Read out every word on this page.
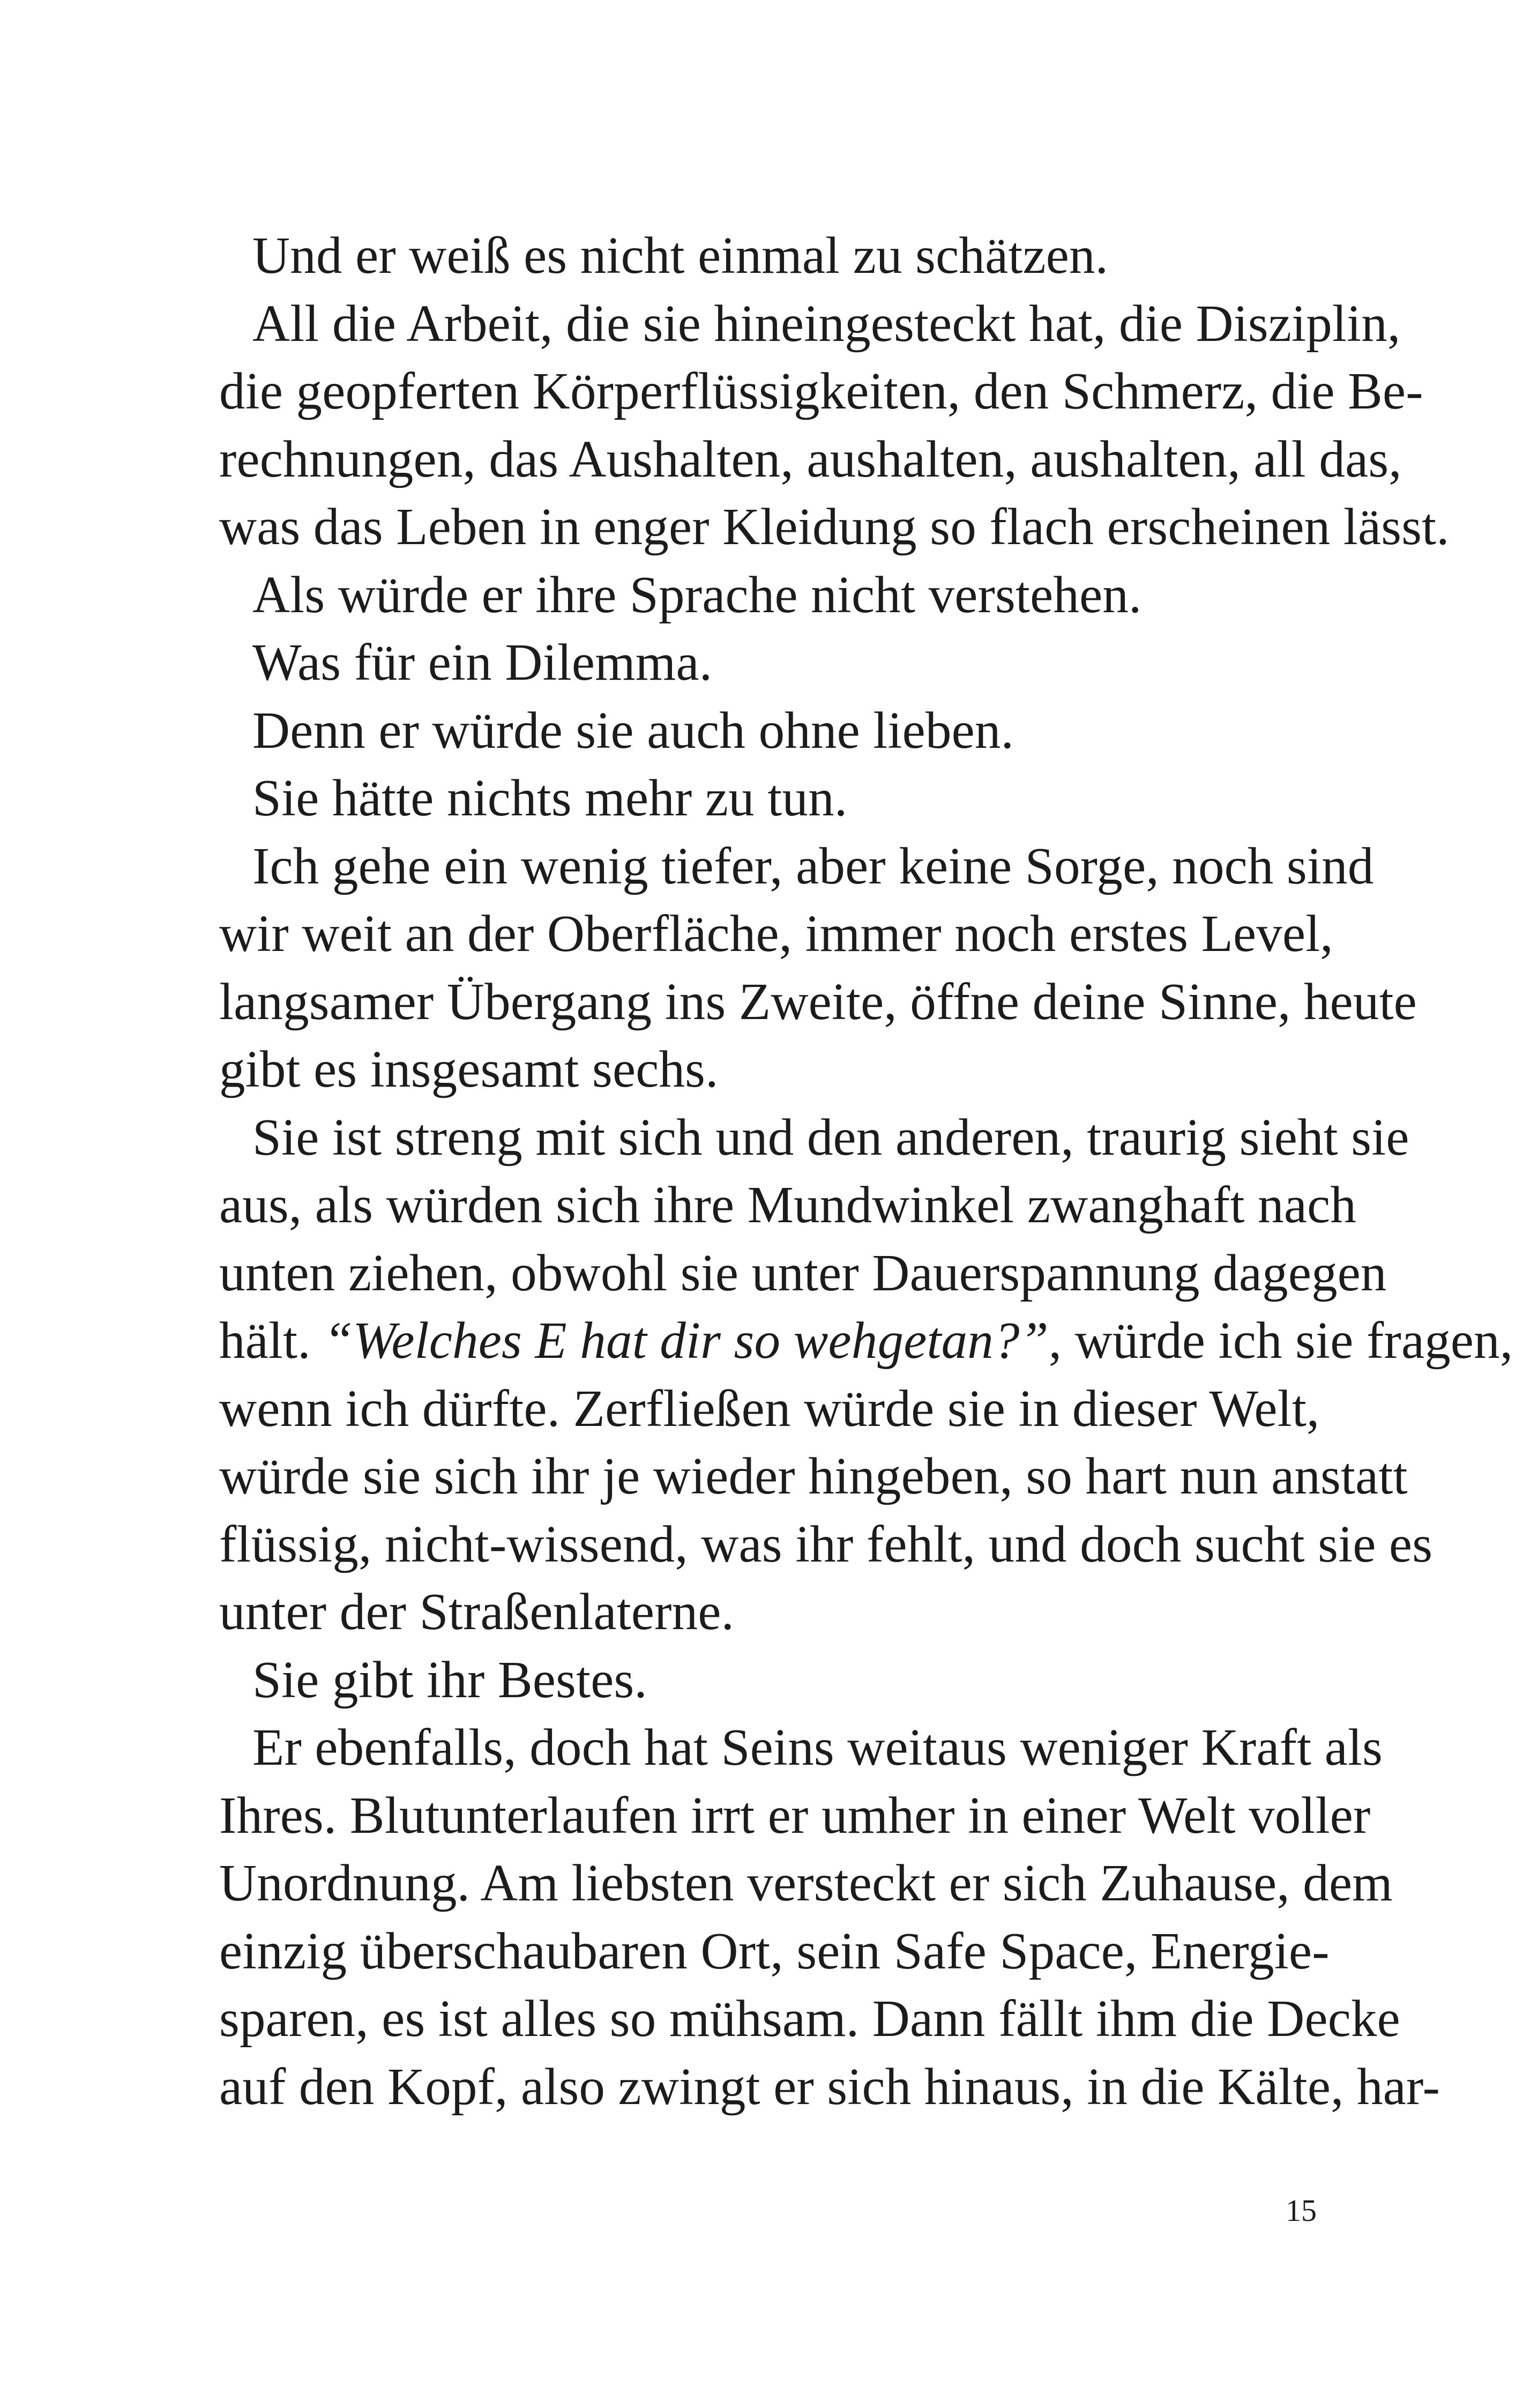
Und er weiß es nicht einmal zu schätzen.

All die Arbeit, die sie hineingesteckt hat, die Disziplin,
die geopferten Körperflüssigkeiten, den Schmerz, die Be-
rechnungen, das Aushalten, aushalten, aushalten, all das,
was das Leben in enger Kleidung so flach erscheinen lässt.

Als würde er ihre Sprache nicht verstehen.

Was für ein Dilemma.

Denn er würde sie auch ohne lieben.

Sie hätte nichts mehr zu tun.

Ich gehe ein wenig tiefer, aber keine Sorge, noch sind
wir weit an der Oberfläche, immer noch erstes Level,
langsamer Übergang ins Zweite, öffne deine Sinne, heute
gibt es insgesamt sechs.

Sie ist streng mit sich und den anderen, traurig sieht sie
aus, als würden sich ihre Mundwinkel zwanghaft nach
unten ziehen, obwohl sie unter Dauerspannung dagegen
hält. “Welches E hat dir so wehgetan?”, würde ich sie fragen,
wenn ich dürfte. Zerfließen würde sie in dieser Welt,
würde sie sich ihr je wieder hingeben, so hart nun anstatt
flüssig, nicht-wissend, was ihr fehlt, und doch sucht sie es
unter der Straßenlaterne.

Sie gibt ihr Bestes.

Er ebenfalls, doch hat Seins weitaus weniger Kraft als
Ihres. Blutunterlaufen irrt er umher in einer Welt voller
Unordnung. Am liebsten versteckt er sich Zuhause, dem
einzig überschaubaren Ort, sein Safe Space, Energie-
sparen, es ist alles so mühsam. Dann fällt ihm die Decke
auf den Kopf, also zwingt er sich hinaus, in die Kälte, har-

15
